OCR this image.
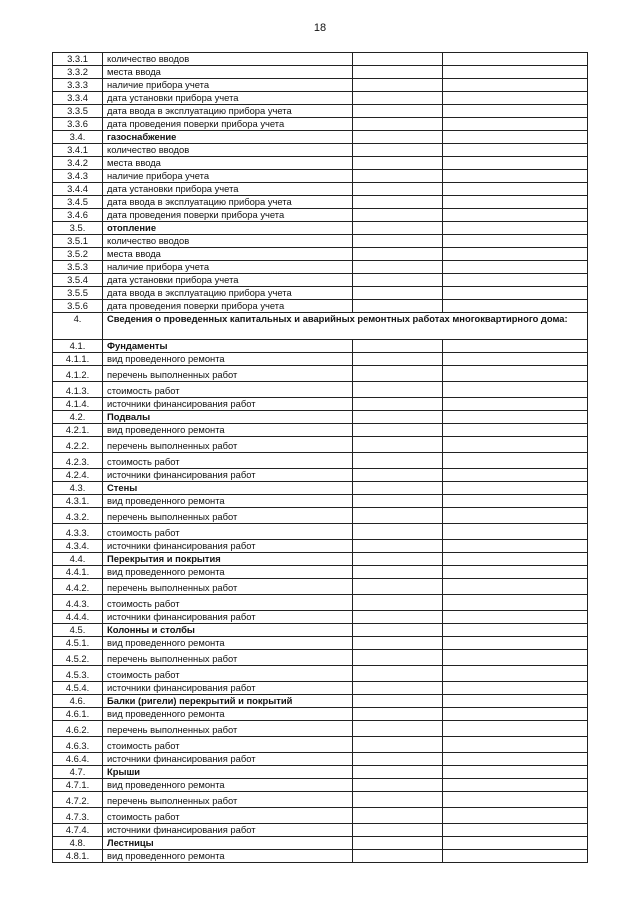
18
3.3.1	количество вводов		
3.3.2	места ввода		
3.3.3	наличие прибора учета		
3.3.4	дата установки прибора учета		
3.3.5	дата ввода в эксплуатацию прибора учета		
3.3.6	дата проведения поверки прибора учета		
3.4.	газоснабжение		
3.4.1	количество вводов		
3.4.2	места ввода		
3.4.3	наличие прибора учета		
3.4.4	дата установки прибора учета		
3.4.5	дата ввода в эксплуатацию прибора учета		
3.4.6	дата проведения поверки прибора учета		
3.5.	отопление		
3.5.1	количество вводов		
3.5.2	места ввода		
3.5.3	наличие прибора учета		
3.5.4	дата установки прибора учета		
3.5.5	дата ввода в эксплуатацию прибора учета		
3.5.6	дата проведения поверки прибора учета		
4.	Сведения о проведенных капитальных и аварийных ремонтных работах многоквартирного дома:		
4.1.	Фундаменты		
4.1.1.	вид проведенного ремонта		
4.1.2.	перечень выполненных работ		
4.1.3.	стоимость работ		
4.1.4.	источники финансирования работ		
4.2.	Подвалы		
4.2.1.	вид проведенного ремонта		
4.2.2.	перечень выполненных работ		
4.2.3.	стоимость работ		
4.2.4.	источники финансирования работ		
4.3.	Стены		
4.3.1.	вид проведенного ремонта		
4.3.2.	перечень выполненных работ		
4.3.3.	стоимость работ		
4.3.4.	источники финансирования работ		
4.4.	Перекрытия и покрытия		
4.4.1.	вид проведенного ремонта		
4.4.2.	перечень выполненных работ		
4.4.3.	стоимость работ		
4.4.4.	источники финансирования работ		
4.5.	Колонны и столбы		
4.5.1.	вид проведенного ремонта		
4.5.2.	перечень выполненных работ		
4.5.3.	стоимость работ		
4.5.4.	источники финансирования работ		
4.6.	Балки (ригели) перекрытий и покрытий		
4.6.1.	вид проведенного ремонта		
4.6.2.	перечень выполненных работ		
4.6.3.	стоимость работ		
4.6.4.	источники финансирования работ		
4.7.	Крыши		
4.7.1.	вид проведенного ремонта		
4.7.2.	перечень выполненных работ		
4.7.3.	стоимость работ		
4.7.4.	источники финансирования работ		
4.8.	Лестницы		
4.8.1.	вид проведенного ремонта		
